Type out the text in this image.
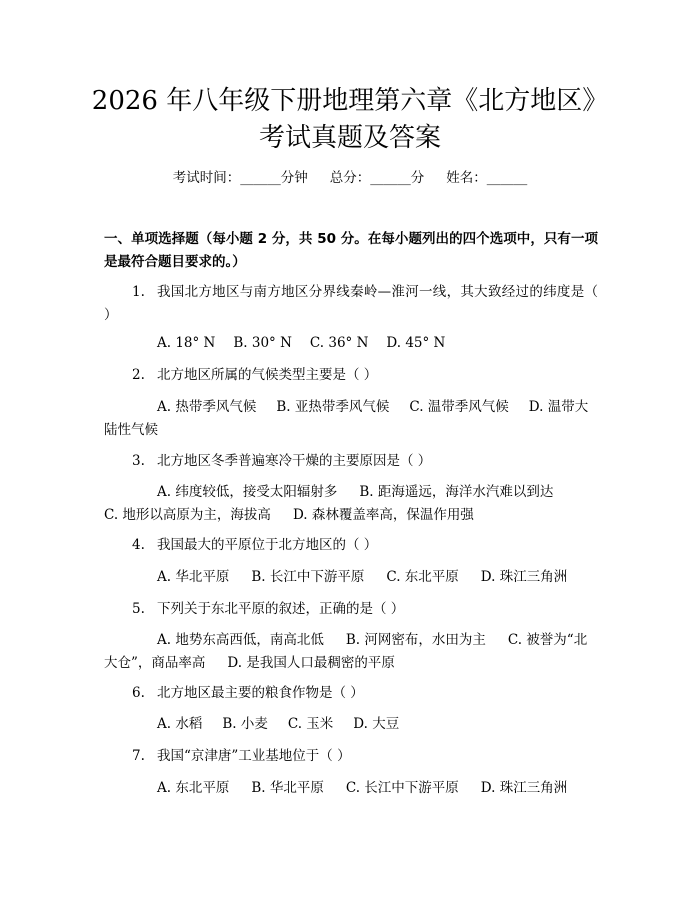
2026 年八年级下册地理第六章《北方地区》
考试真题及答案
考试时间：______分钟 总分：______分 姓名：______
一、单项选择题（每小题 2 分，共 50 分。在每小题列出的四个选项中，只有一项是最符合题目要求的。）
1. 我国北方地区与南方地区分界线秦岭—淮河一线，其大致经过的纬度是（ ）
A. 18° N B. 30° N C. 36° N D. 45° N
2. 北方地区所属的气候类型主要是（ ）
A. 热带季风气候 B. 亚热带季风气候 C. 温带季风气候 D. 温带大陆性气候
3. 北方地区冬季普遍寒冷干燥的主要原因是（ ）
A. 纬度较低，接受太阳辐射多 B. 距海遥远，海洋水汽难以到达
C. 地形以高原为主，海拔高 D. 森林覆盖率高，保温作用强
4. 我国最大的平原位于北方地区的（ ）
A. 华北平原 B. 长江中下游平原 C. 东北平原 D. 珠江三角洲
5. 下列关于东北平原的叙述，正确的是（ ）
A. 地势东高西低，南高北低 B. 河网密布，水田为主 C. 被誉为“北大仓”，商品率高 D. 是我国人口最稠密的平原
6. 北方地区最主要的粮食作物是（ ）
A. 水稻 B. 小麦 C. 玉米 D. 大豆
7. 我国“京津唐”工业基地位于（ ）
A. 东北平原 B. 华北平原 C. 长江中下游平原 D. 珠江三角洲
